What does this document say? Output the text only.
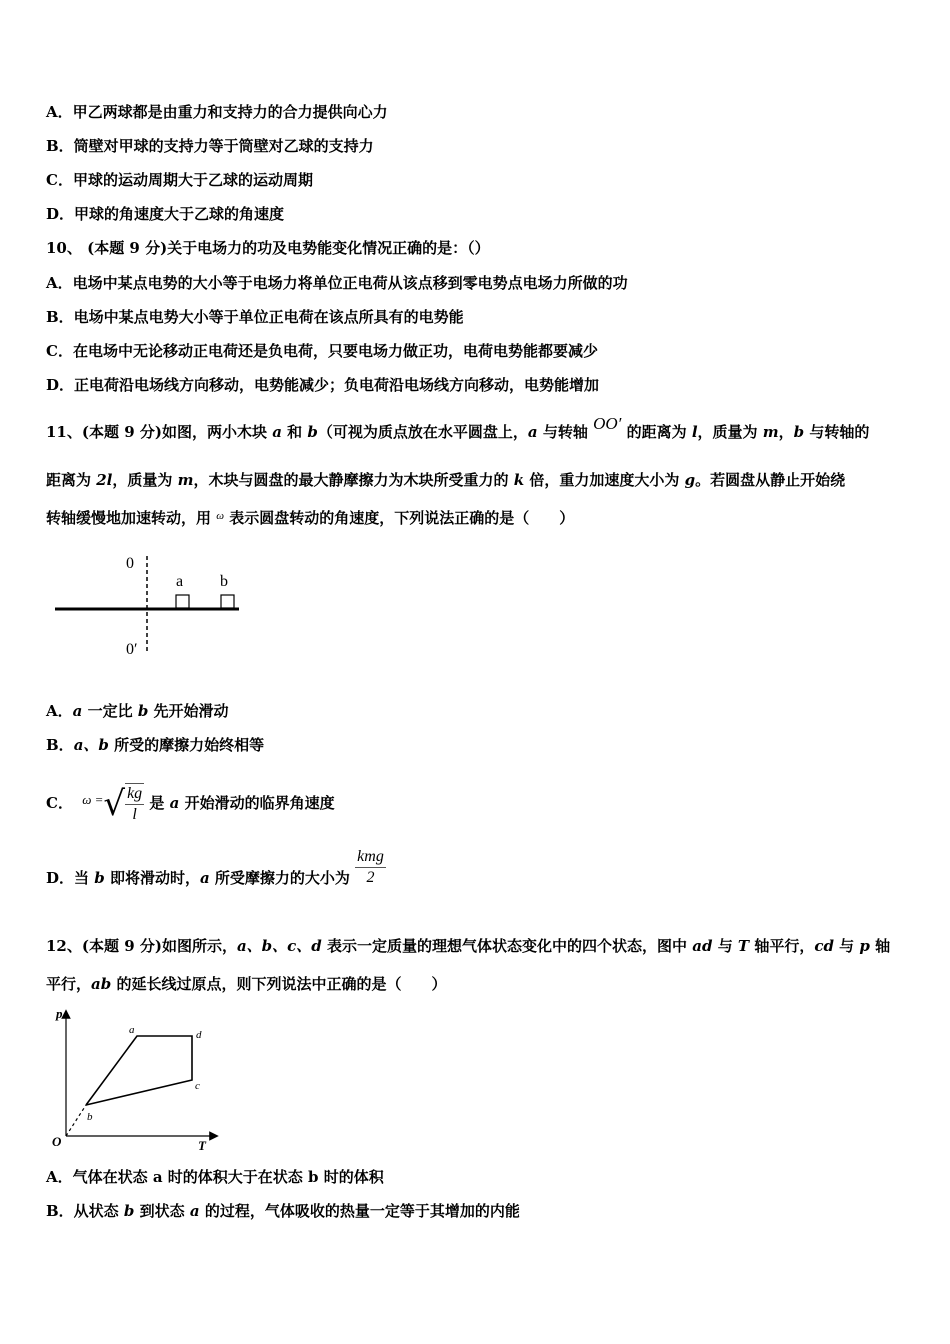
A．甲乙两球都是由重力和支持力的合力提供向心力
B．筒壁对甲球的支持力等于筒壁对乙球的支持力
C．甲球的运动周期大于乙球的运动周期
D．甲球的角速度大于乙球的角速度
10、 (本题 9 分)关于电场力的功及电势能变化情况正确的是：（）
A．电场中某点电势的大小等于电场力将单位正电荷从该点移到零电势点电场力所做的功
B．电场中某点电势大小等于单位正电荷在该点所具有的电势能
C．在电场中无论移动正电荷还是负电荷，只要电场力做正功，电荷电势能都要减少
D．正电荷沿电场线方向移动，电势能减少；负电荷沿电场线方向移动，电势能增加
11、(本题 9 分)如图，两小木块 a 和 b（可视为质点放在水平圆盘上，a 与转轴 OO′ 的距离为 l，质量为 m，b 与转轴的
距离为 2l，质量为 m，木块与圆盘的最大静摩擦力为木块所受重力的 k 倍，重力加速度大小为 g。若圆盘从静止开始绕
转轴缓慢地加速转动，用 $^\omega$ 表示圆盘转动的角速度，下列说法正确的是（　　）
0
a b
0′
A．a 一定比 b 先开始滑动
B．a、b 所受的摩擦力始终相等
C． ω =√ $\frac{kg}{l}$ 是 a 开始滑动的临界角速度
D．当 b 即将滑动时，a 所受摩擦力的大小为 $\frac{\text{kmg}}{2}$
12、(本题 9 分)如图所示，a、b、c、d 表示一定质量的理想气体状态变化中的四个状态，图中 ad 与 T 轴平行，cd 与 p 轴
平行，ab 的延长线过原点，则下列说法中正确的是（　　）
p
T
O
a	d
c
b
A．气体在状态 a 时的体积大于在状态 b 时的体积
B．从状态 b 到状态 a 的过程，气体吸收的热量一定等于其增加的内能
